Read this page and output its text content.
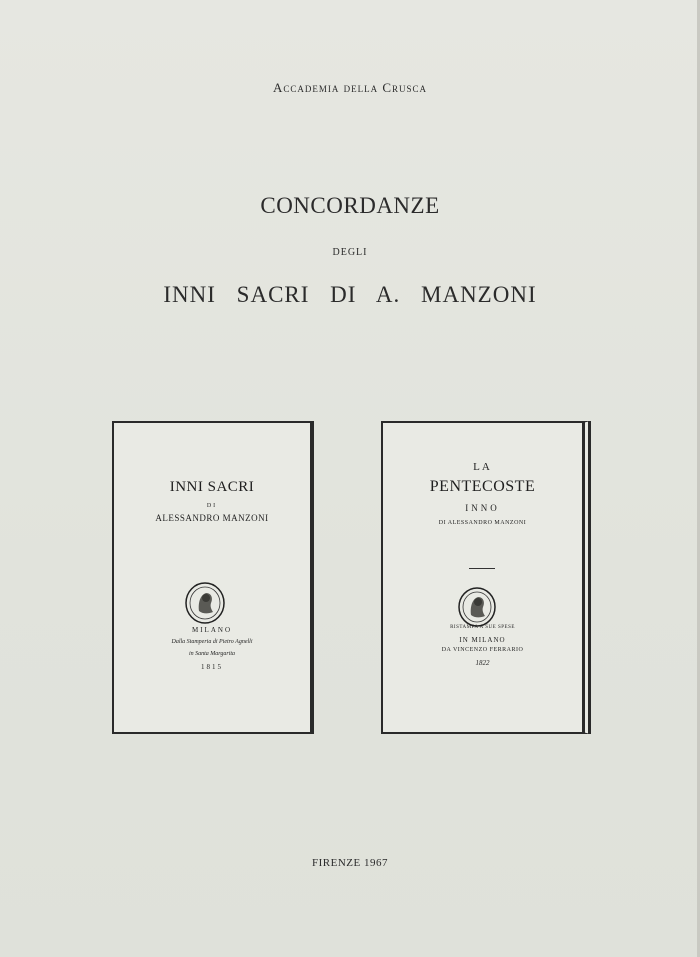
Accademia della Crusca
CONCORDANZE
DEGLI
INNI SACRI DI A. MANZONI
INNI SACRI
DI
ALESSANDRO MANZONI
MILANO
Dalla Stamperia di Pietro Agnelli
in Santa Margarita
1815
LA
PENTECOSTE
INNO
DI ALESSANDRO MANZONI
RISTAMPA A SUE SPESE
IN MILANO
DA VINCENZO FERRARIO
1822
FIRENZE 1967
